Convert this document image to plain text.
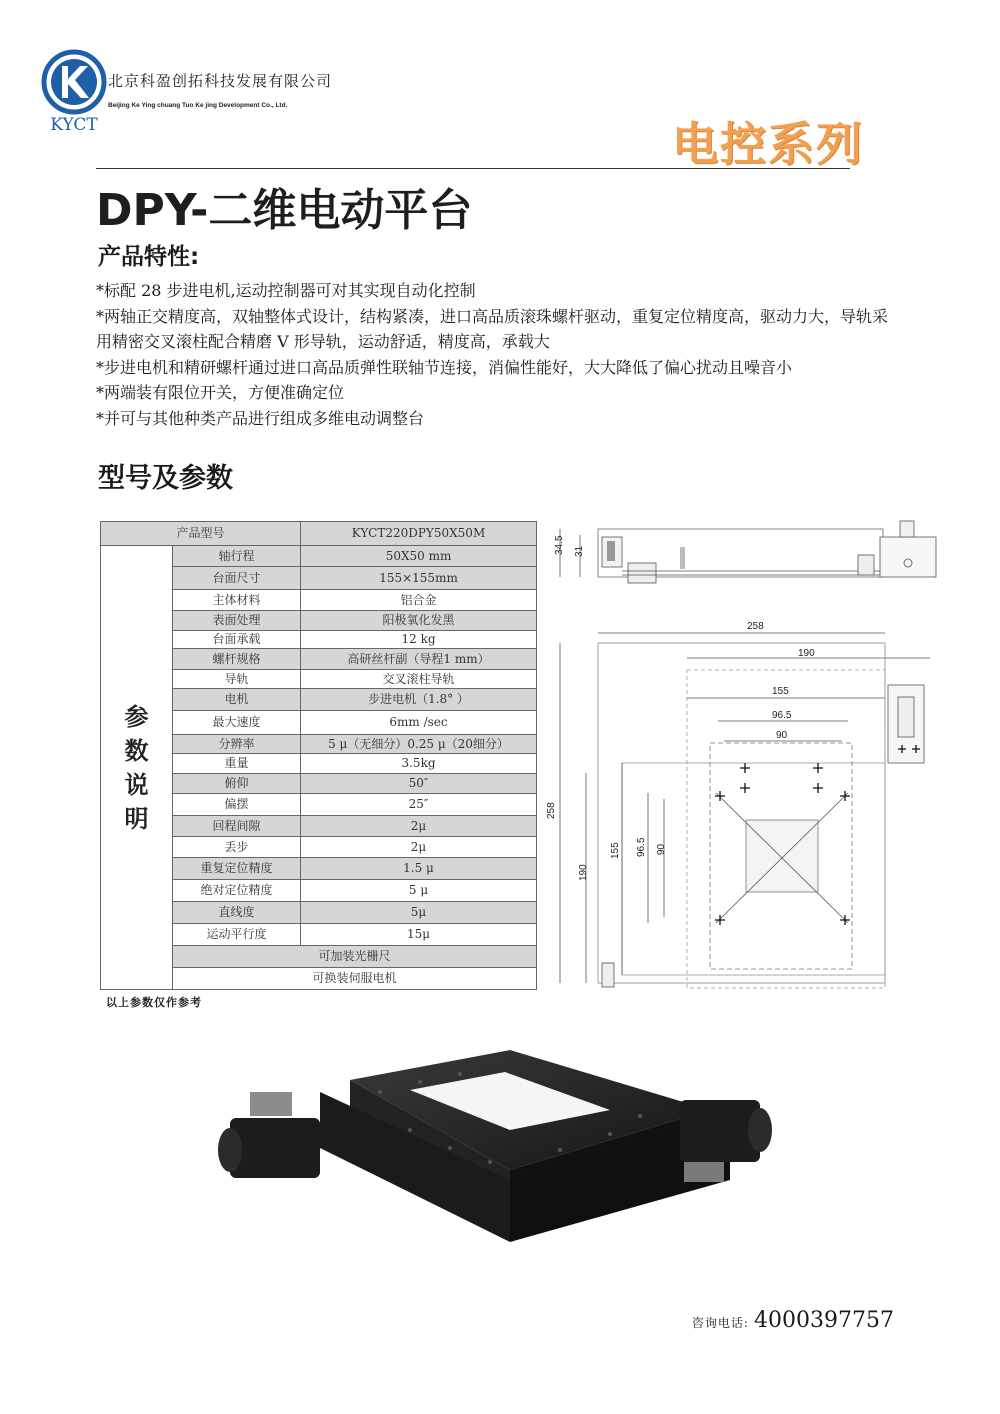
KYCT
北京科盈创拓科技发展有限公司
Beijing Ke Ying chuang Tuo Ke jing Development Co., Ltd.
电控系列
DPY-二维电动平台
产品特性:
*标配 28 步进电机,运动控制器可对其实现自动化控制
*两轴正交精度高，双轴整体式设计，结构紧凑，进口高品质滚珠螺杆驱动，重复定位精度高，驱动力大，导轨采用精密交叉滚柱配合精磨 V 形导轨，运动舒适，精度高，承载大
*步进电机和精研螺杆通过进口高品质弹性联轴节连接，消偏性能好，大大降低了偏心扰动且噪音小
*两端装有限位开关，方便准确定位
*并可与其他种类产品进行组成多维电动调整台
型号及参数
产品型号		KYCT220DPY50X50M
参数说明	轴行程	50X50 mm
	台面尺寸	155×155mm
	主体材料	铝合金
	表面处理	阳极氧化发黑
	台面承载	12 kg
	螺杆规格	高研丝杆副（导程1 mm）
	导轨	交叉滚柱导轨
	电机	步进电机（1.8° ）
	最大速度	6mm /sec
	分辨率	5 μ（无细分）0.25 μ（20细分）
	重量	3.5kg
	俯仰	50″
	偏摆	25″
	回程间隙	2μ
	丢步	2μ
	重复定位精度	1.5 μ
	绝对定位精度	5 μ
	直线度	5μ
	运动平行度	15μ
	可加装光栅尺	
	可换装伺服电机	
以上参数仅作参考
34.5 31
258
190
155
96.5
90
258
190
155 96.5 90
咨询电话: 4000397757
